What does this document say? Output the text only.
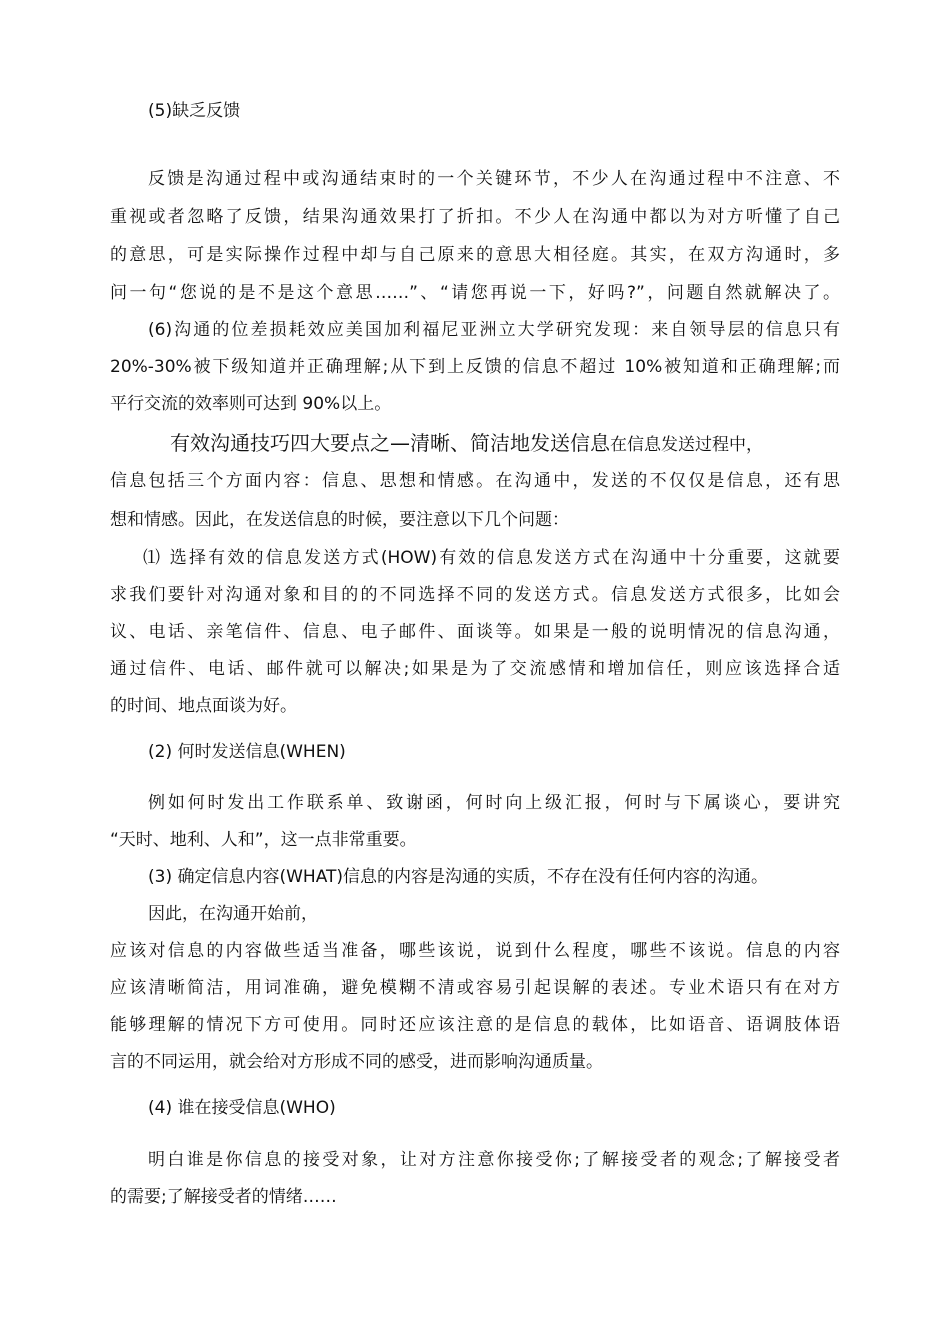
(5)缺乏反馈
反馈是沟通过程中或沟通结束时的一个关键环节，不少人在沟通过程中不注意、不
重视或者忽略了反馈，结果沟通效果打了折扣。不少人在沟通中都以为对方听懂了自己
的意思，可是实际操作过程中却与自己原来的意思大相径庭。其实，在双方沟通时，多
问一句“您说的是不是这个意思……”、“请您再说一下，好吗?”，问题自然就解决了。
(6)沟通的位差损耗效应美国加利福尼亚洲立大学研究发现：来自领导层的信息只有
20%-30%被下级知道并正确理解;从下到上反馈的信息不超过 10%被知道和正确理解;而
平行交流的效率则可达到 90%以上。
有效沟通技巧四大要点之—清晰、简洁地发送信息在信息发送过程中，
信息包括三个方面内容：信息、思想和情感。在沟通中，发送的不仅仅是信息，还有思
想和情感。因此，在发送信息的时候，要注意以下几个问题：
⑴ 选择有效的信息发送方式(HOW)有效的信息发送方式在沟通中十分重要，这就要
求我们要针对沟通对象和目的的不同选择不同的发送方式。信息发送方式很多，比如会
议、电话、亲笔信件、信息、电子邮件、面谈等。如果是一般的说明情况的信息沟通，
通过信件、电话、邮件就可以解决;如果是为了交流感情和增加信任，则应该选择合适
的时间、地点面谈为好。
(2) 何时发送信息(WHEN)
例如何时发出工作联系单、致谢函，何时向上级汇报，何时与下属谈心，要讲究
“天时、地利、人和”，这一点非常重要。
(3) 确定信息内容(WHAT)信息的内容是沟通的实质，不存在没有任何内容的沟通。
因此，在沟通开始前，
应该对信息的内容做些适当准备，哪些该说，说到什么程度，哪些不该说。信息的内容
应该清晰简洁，用词准确，避免模糊不清或容易引起误解的表述。专业术语只有在对方
能够理解的情况下方可使用。同时还应该注意的是信息的载体，比如语音、语调肢体语
言的不同运用，就会给对方形成不同的感受，进而影响沟通质量。
(4) 谁在接受信息(WHO)
明白谁是你信息的接受对象，让对方注意你接受你;了解接受者的观念;了解接受者
的需要;了解接受者的情绪……
